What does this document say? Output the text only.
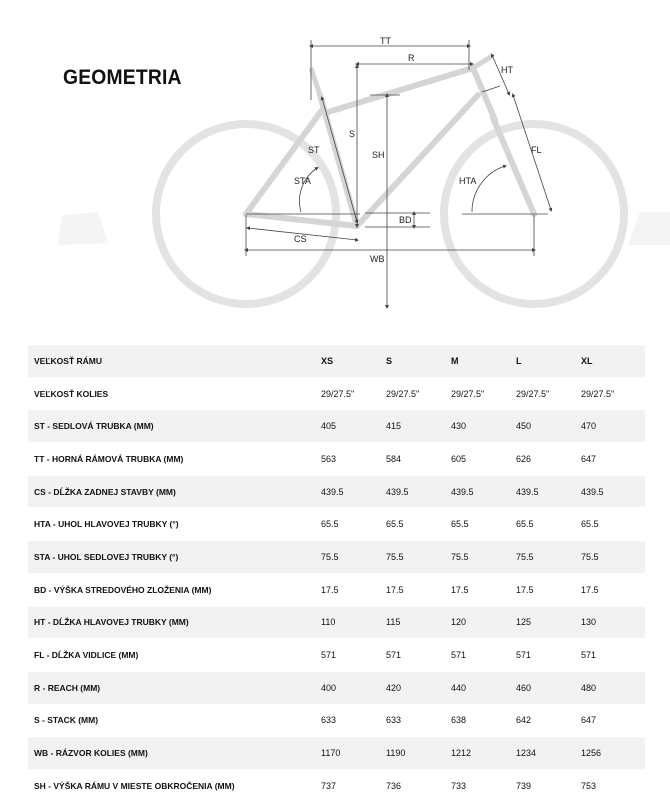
GEOMETRIA
TT
R
HT
S
SH
ST
STA
FL
HTA
BD
CS
WB
VEĽKOSŤ RÁMU	XS	S	M	L	XL
VEĽKOSŤ KOLIES	29/27.5"	29/27.5"	29/27.5"	29/27.5"	29/27.5"
ST - SEDLOVÁ TRUBKA (MM)	405	415	430	450	470
TT - HORNÁ RÁMOVÁ TRUBKA (MM)	563	584	605	626	647
CS - DĹŽKA ZADNEJ STAVBY (MM)	439.5	439.5	439.5	439.5	439.5
HTA - UHOL HLAVOVEJ TRUBKY (°)	65.5	65.5	65.5	65.5	65.5
STA - UHOL SEDLOVEJ TRUBKY (°)	75.5	75.5	75.5	75.5	75.5
BD - VÝŠKA STREDOVÉHO ZLOŽENIA (MM)	17.5	17.5	17.5	17.5	17.5
HT - DĹŽKA HLAVOVEJ TRUBKY (MM)	110	115	120	125	130
FL - DĹŽKA VIDLICE (MM)	571	571	571	571	571
R - REACH (MM)	400	420	440	460	480
S - STACK (MM)	633	633	638	642	647
WB - RÁZVOR KOLIES (MM)	1170	1190	1212	1234	1256
SH - VÝŠKA RÁMU V MIESTE OBKROČENIA (MM)	737	736	733	739	753
